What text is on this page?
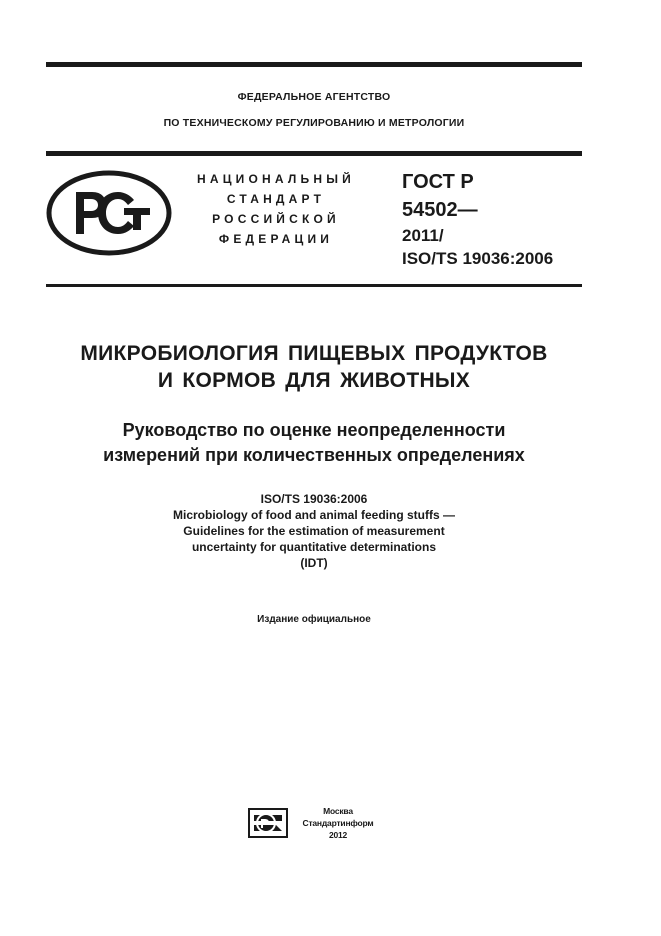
ФЕДЕРАЛЬНОЕ АГЕНТСТВО
ПО ТЕХНИЧЕСКОМУ РЕГУЛИРОВАНИЮ И МЕТРОЛОГИИ
НАЦИОНАЛЬНЫЙ
СТАНДАРТ
РОССИЙСКОЙ
ФЕДЕРАЦИИ
ГОСТ Р
54502—
2011/
ISO/TS 19036:2006
МИКРОБИОЛОГИЯ ПИЩЕВЫХ ПРОДУКТОВ
И КОРМОВ ДЛЯ ЖИВОТНЫХ
Руководство по оценке неопределенности
измерений при количественных определениях
ISO/TS 19036:2006
Microbiology of food and animal feeding stuffs —
Guidelines for the estimation of measurement
uncertainty for quantitative determinations
(IDT)
Издание официальное
Москва
Стандартинформ
2012
